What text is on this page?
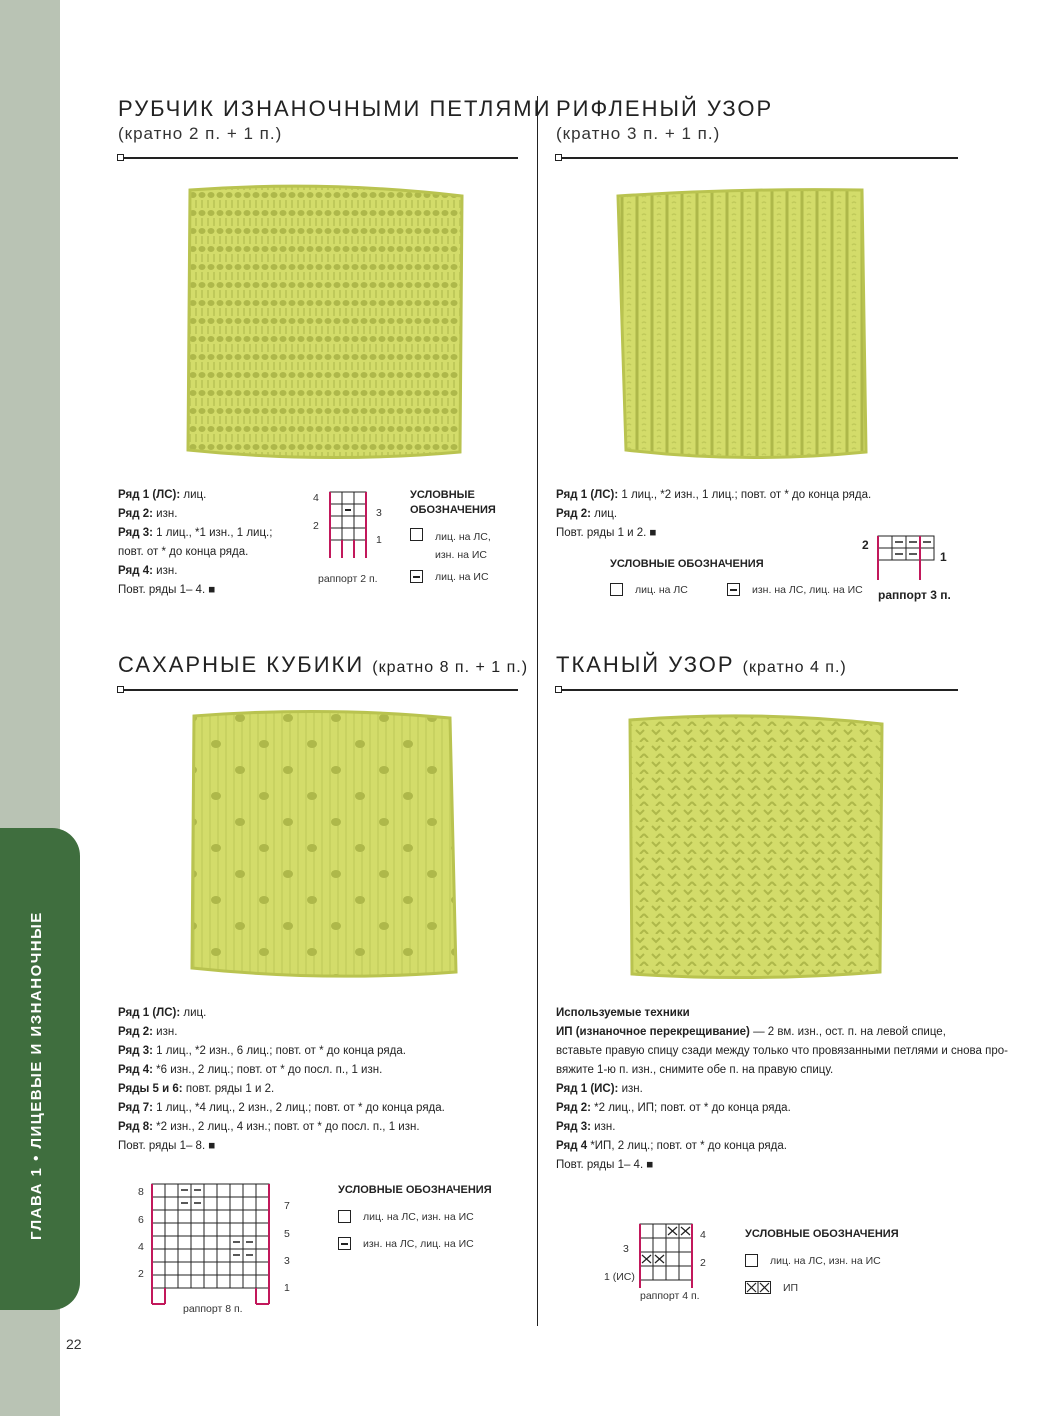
ГЛАВА 1 • ЛИЦЕВЫЕ И ИЗНАНОЧНЫЕ
22
РУБЧИК ИЗНАНОЧНЫМИ ПЕТЛЯМИ
(кратно 2 п. + 1 п.)
Ряд 1 (ЛС): лиц.
Ряд 2: изн.
Ряд 3: 1 лиц., *1 изн., 1 лиц.;
повт. от * до конца ряда.
Ряд 4: изн.
Повт. ряды 1– 4. ■
4
2
3
1
раппорт 2 п.
УСЛОВНЫЕ
ОБОЗНАЧЕНИЯ
лиц. на ЛС,
изн. на ИС
лиц. на ИС
РИФЛЕНЫЙ УЗОР
(кратно 3 п. + 1 п.)
Ряд 1 (ЛС): 1 лиц., *2 изн., 1 лиц.; повт. от * до конца ряда.
Ряд 2: лиц.
Повт. ряды 1 и 2. ■
УСЛОВНЫЕ ОБОЗНАЧЕНИЯ
лиц. на ЛС	изн. на ЛС, лиц. на ИС
2
1
раппорт 3 п.
САХАРНЫЕ КУБИКИ (кратно 8 п. + 1 п.)
Ряд 1 (ЛС): лиц.
Ряд 2: изн.
Ряд 3: 1 лиц., *2 изн., 6 лиц.; повт. от * до конца ряда.
Ряд 4: *6 изн., 2 лиц.; повт. от * до посл. п., 1 изн.
Ряды 5 и 6: повт. ряды 1 и 2.
Ряд 7: 1 лиц., *4 лиц., 2 изн., 2 лиц.; повт. от * до конца ряда.
Ряд 8: *2 изн., 2 лиц., 4 изн.; повт. от * до посл. п., 1 изн.
Повт. ряды 1– 8. ■
8
6
4
2
7
5
3
1
раппорт 8 п.
УСЛОВНЫЕ ОБОЗНАЧЕНИЯ
лиц. на ЛС, изн. на ИС
изн. на ЛС, лиц. на ИС
ТКАНЫЙ УЗОР (кратно 4 п.)
Используемые техники
ИП (изнаночное перекрещивание) — 2 вм. изн., ост. п. на левой спице,
вставьте правую спицу сзади между только что провязанными петлями и снова про-
вяжите 1-ю п. изн., снимите обе п. на правую спицу.
Ряд 1 (ИС): изн.
Ряд 2: *2 лиц., ИП; повт. от * до конца ряда.
Ряд 3: изн.
Ряд 4 *ИП, 2 лиц.; повт. от * до конца ряда.
Повт. ряды 1– 4. ■
4
2
3
1 (ИС)
раппорт 4 п.
УСЛОВНЫЕ ОБОЗНАЧЕНИЯ
лиц. на ЛС, изн. на ИС
ИП
